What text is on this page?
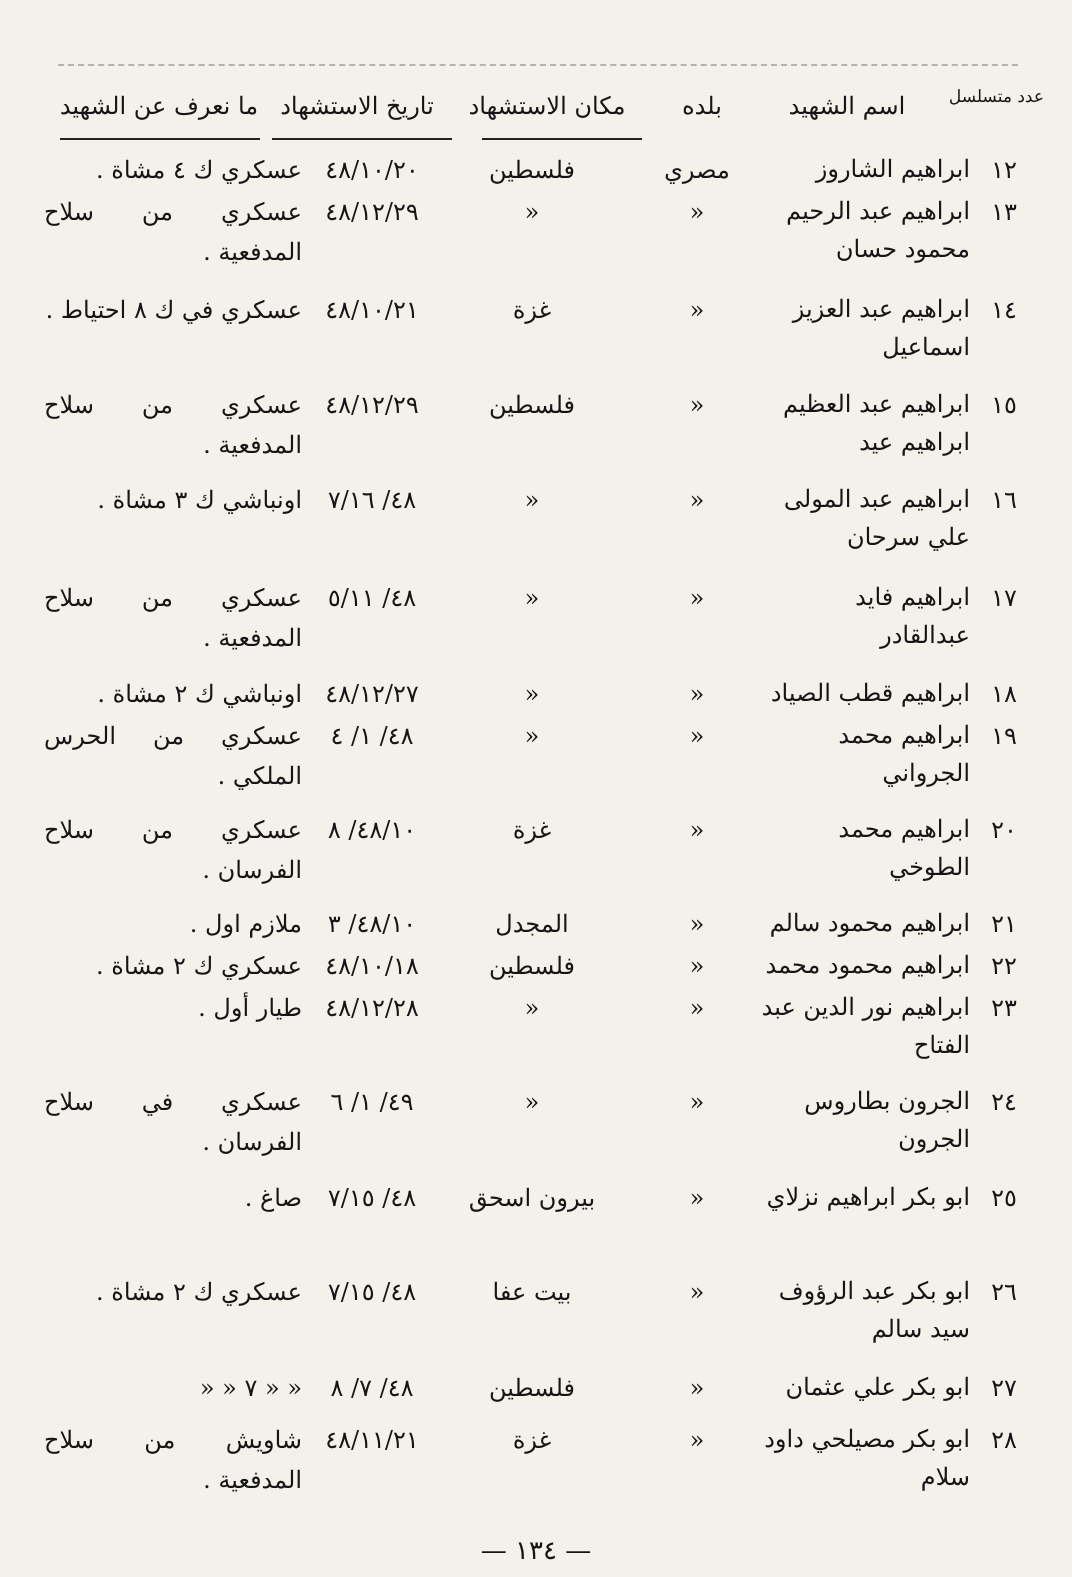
عدد متسلسل
اسم الشهيد
بلده
مكان الاستشهاد
تاريخ الاستشهاد
ما نعرف عن الشهيد
١٢
ابراهيم الشاروز
مصري
فلسطين
٤٨/١٠/٢٠
عسكري ك ٤ مشاة .
١٣
ابراهيم عبد الرحيم محمود حسان
«
«
٤٨/١٢/٢٩
عسكري من سلاح المدفعية .
١٤
ابراهيم عبد العزيز اسماعيل
«
غزة
٤٨/١٠/٢١
عسكري في ك ٨ احتياط .
١٥
ابراهيم عبد العظيم ابراهيم عيد
«
فلسطين
٤٨/١٢/٢٩
عسكري من سلاح المدفعية .
١٦
ابراهيم عبد المولى علي سرحان
«
«
٤٨/ ٧/١٦
اونباشي ك ٣ مشاة .
١٧
ابراهيم فايد عبدالقادر
«
«
٤٨/ ٥/١١
عسكري من سلاح المدفعية .
١٨
ابراهيم قطب الصياد
«
«
٤٨/١٢/٢٧
اونباشي ك ٢ مشاة .
١٩
ابراهيم محمد الجرواني
«
«
٤٨/ ١/ ٤
عسكري من الحرس الملكي .
٢٠
ابراهيم محمد الطوخي
«
غزة
٤٨/١٠/ ٨
عسكري من سلاح الفرسان .
٢١
ابراهيم محمود سالم
«
المجدل
٤٨/١٠/ ٣
ملازم اول .
٢٢
ابراهيم محمود محمد
«
فلسطين
٤٨/١٠/١٨
عسكري ك ٢ مشاة .
٢٣
ابراهيم نور الدين عبد الفتاح
«
«
٤٨/١٢/٢٨
طيار أول .
٢٤
الجرون بطاروس الجرون
«
«
٤٩/ ١/ ٦
عسكري في سلاح الفرسان .
٢٥
ابو بكر ابراهيم نزلاي
«
بيرون اسحق
٤٨/ ٧/١٥
صاغ .
٢٦
ابو بكر عبد الرؤوف سيد سالم
«
بيت عفا
٤٨/ ٧/١٥
عسكري ك ٢ مشاة .
٢٧
ابو بكر علي عثمان
«
فلسطين
٤٨/ ٧/ ٨
« « ٧ « «
٢٨
ابو بكر مصيلحي داود سلام
«
غزة
٤٨/١١/٢١
شاويش من سلاح المدفعية .
— ١٣٤ —
